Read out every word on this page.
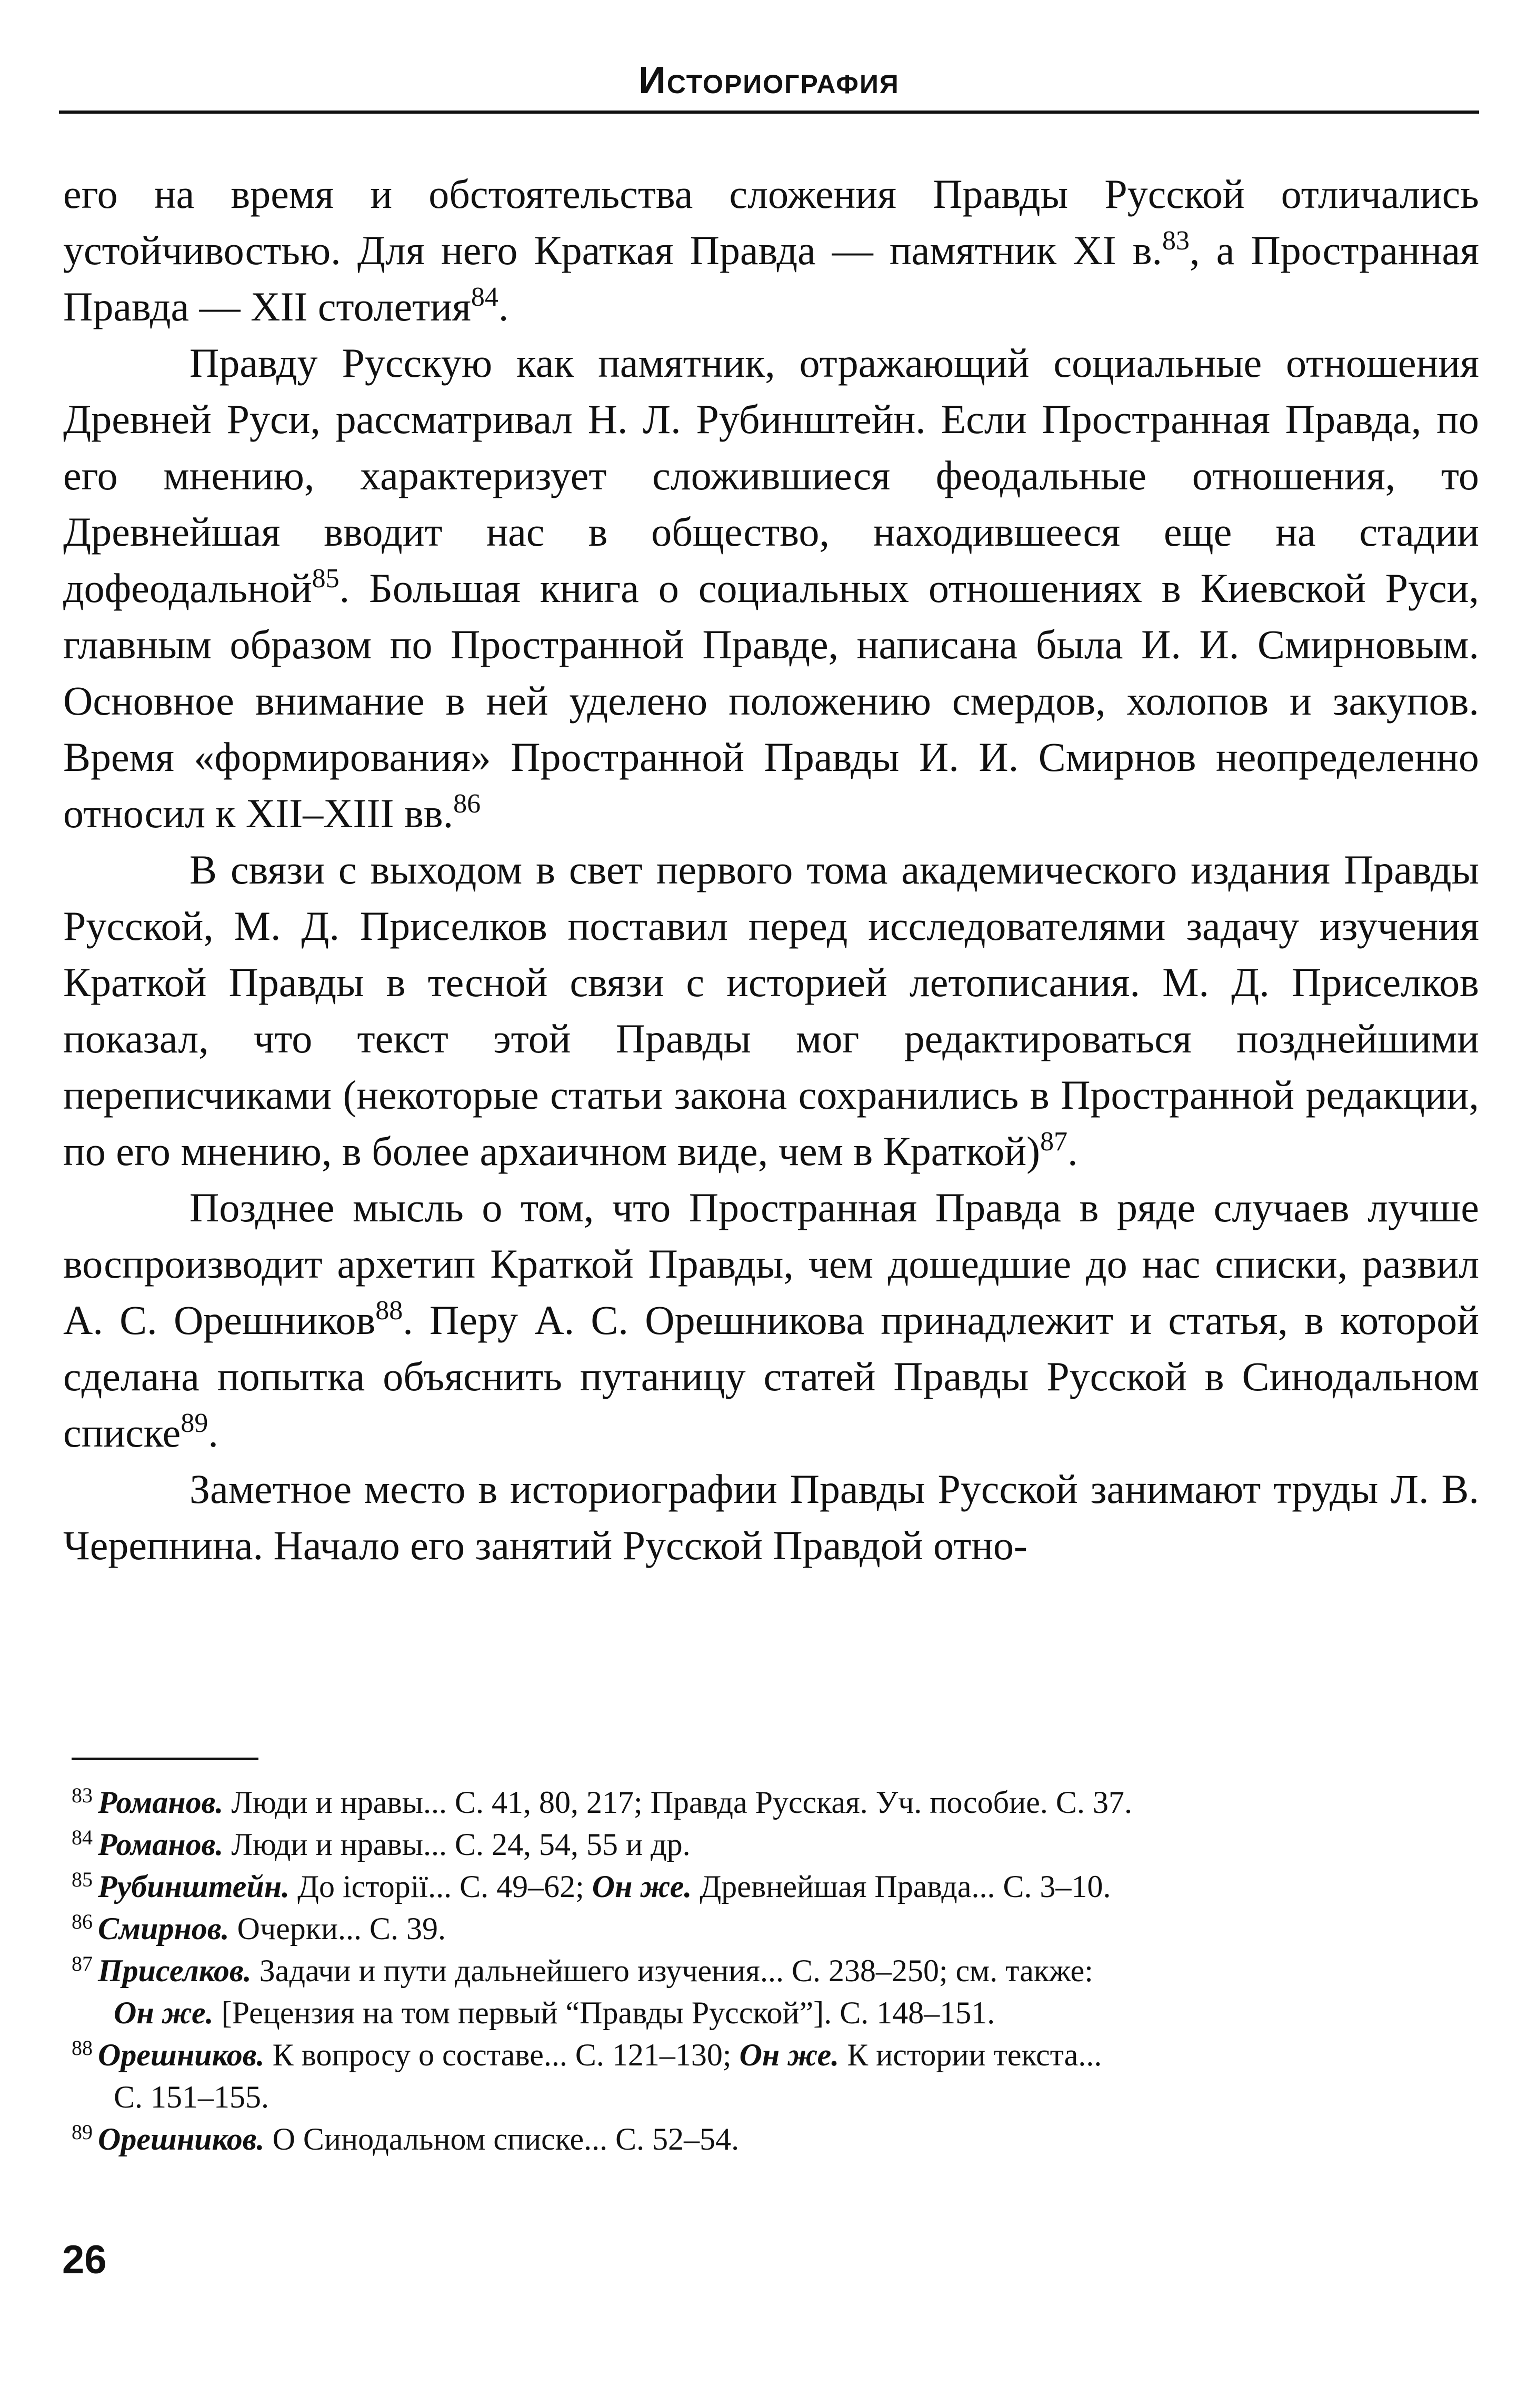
Историография

его на время и обстоятельства сложения Правды Русской отличались устойчивостью. Для него Краткая Правда — памятник XI в.$^{83}$, а Пространная Правда — XII столетия$^{84}$.

Правду Русскую как памятник, отражающий социальные отношения Древней Руси, рассматривал Н. Л. Рубинштейн. Если Пространная Правда, по его мнению, характеризует сложившиеся феодальные отношения, то Древнейшая вводит нас в общество, находившееся еще на стадии дофеодальной$^{85}$. Большая книга о социальных отношениях в Киевской Руси, главным образом по Пространной Правде, написана была И. И. Смирновым. Основное внимание в ней уделено положению смердов, холопов и закупов. Время «формирования» Пространной Правды И. И. Смирнов неопределенно относил к XII–XIII вв.$^{86}$

В связи с выходом в свет первого тома академического издания Правды Русской, М. Д. Приселков поставил перед исследователями задачу изучения Краткой Правды в тесной связи с историей летописания. М. Д. Приселков показал, что текст этой Правды мог редактироваться позднейшими переписчиками (некоторые статьи закона сохранились в Пространной редакции, по его мнению, в более архаичном виде, чем в Краткой)$^{87}$.

Позднее мысль о том, что Пространная Правда в ряде случаев лучше воспроизводит архетип Краткой Правды, чем дошедшие до нас списки, развил А. С. Орешников$^{88}$. Перу А. С. Орешникова принадлежит и статья, в которой сделана попытка объяснить путаницу статей Правды Русской в Синодальном списке$^{89}$.

Заметное место в историографии Правды Русской занимают труды Л. В. Черепнина. Начало его занятий Русской Правдой отно-

$^{83}$ Романов. Люди и нравы... С. 41, 80, 217; Правда Русская. Уч. пособие. С. 37.

$^{84}$ Романов. Люди и нравы... С. 24, 54, 55 и др.

$^{85}$ Рубинштейн. До історії... С. 49–62; Он же. Древнейшая Правда... С. 3–10.

$^{86}$ Смирнов. Очерки... С. 39.

$^{87}$ Приселков. Задачи и пути дальнейшего изучения... С. 238–250; см. также:

Он же. [Рецензия на том первый “Правды Русской”]. С. 148–151.

$^{88}$ Орешников. К вопросу о составе... С. 121–130; Он же. К истории текста...

С. 151–155.

$^{89}$ Орешников. О Синодальном списке... С. 52–54.

26
